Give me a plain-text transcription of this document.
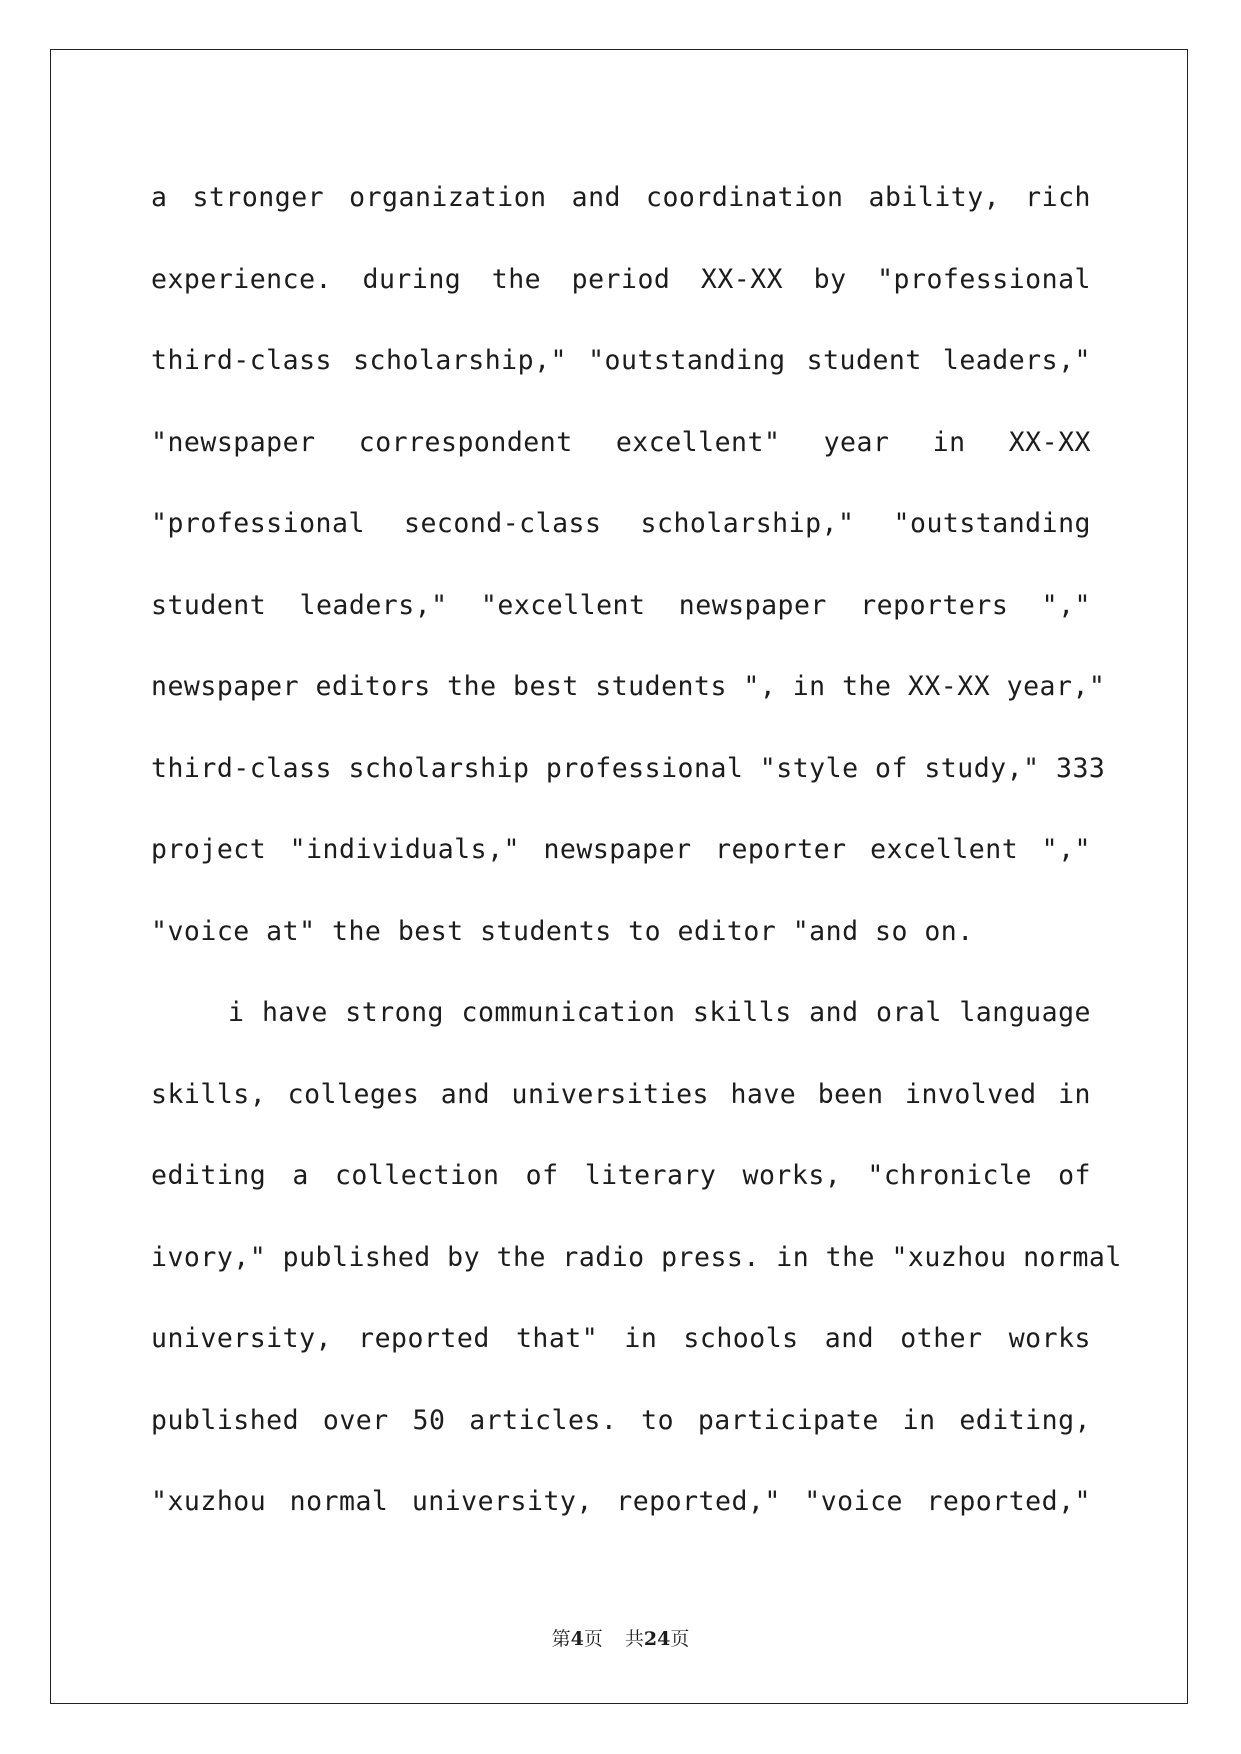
a stronger organization and coordination ability, rich
experience. during the period XX-XX by "professional
third-class scholarship," "outstanding student leaders,"
"newspaper correspondent excellent" year in XX-XX
"professional second-class scholarship," "outstanding
student leaders," "excellent newspaper reporters ","
newspaper editors the best students ", in the XX-XX year,"
third-class scholarship professional "style of study," 333
project "individuals," newspaper reporter excellent ","
"voice at" the best students to editor "and so on.
i have strong communication skills and oral language
skills, colleges and universities have been involved in
editing a collection of literary works, "chronicle of
ivory," published by the radio press. in the "xuzhou normal
university, reported that" in schools and other works
published over 50 articles. to participate in editing,
"xuzhou normal university, reported," "voice reported,"
第4页 共24页
